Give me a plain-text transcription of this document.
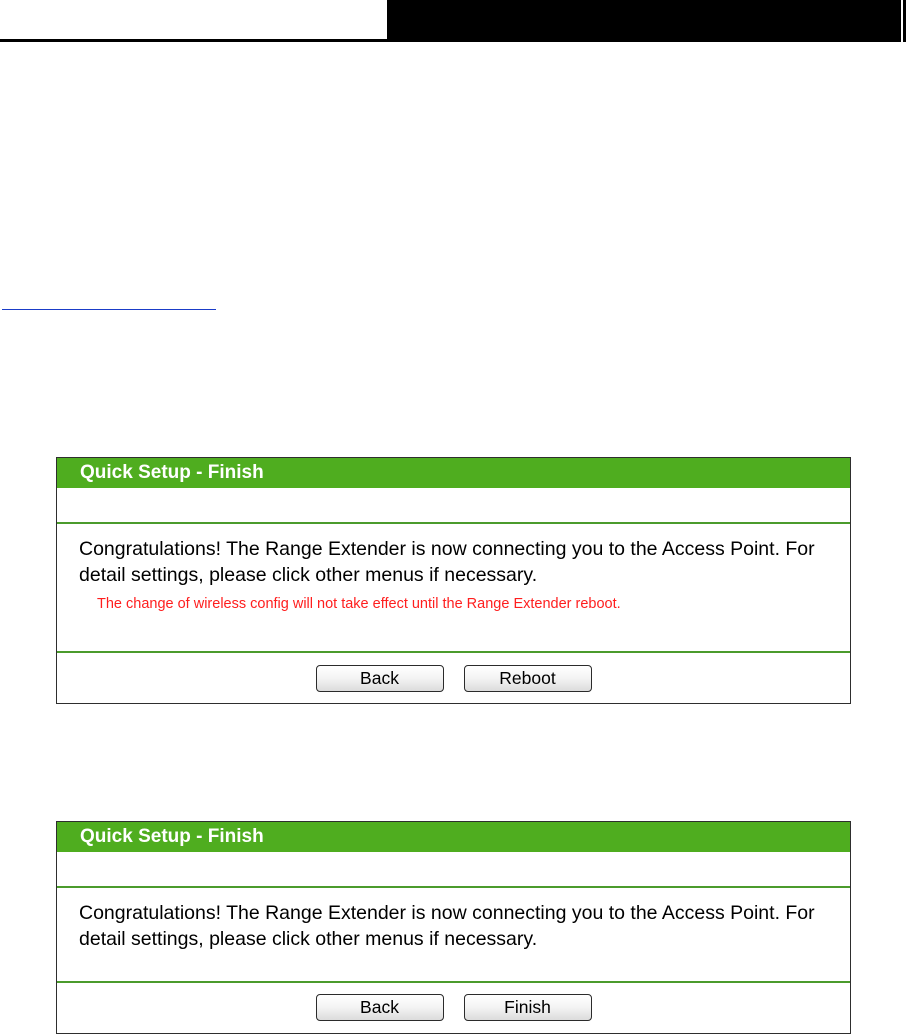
Quick Setup - Finish

Congratulations! The Range Extender is now connecting you to the Access Point. For detail settings, please click other menus if necessary.

The change of wireless config will not take effect until the Range Extender reboot.

Back	Reboot
Quick Setup - Finish

Congratulations! The Range Extender is now connecting you to the Access Point. For detail settings, please click other menus if necessary.

Back	Finish
